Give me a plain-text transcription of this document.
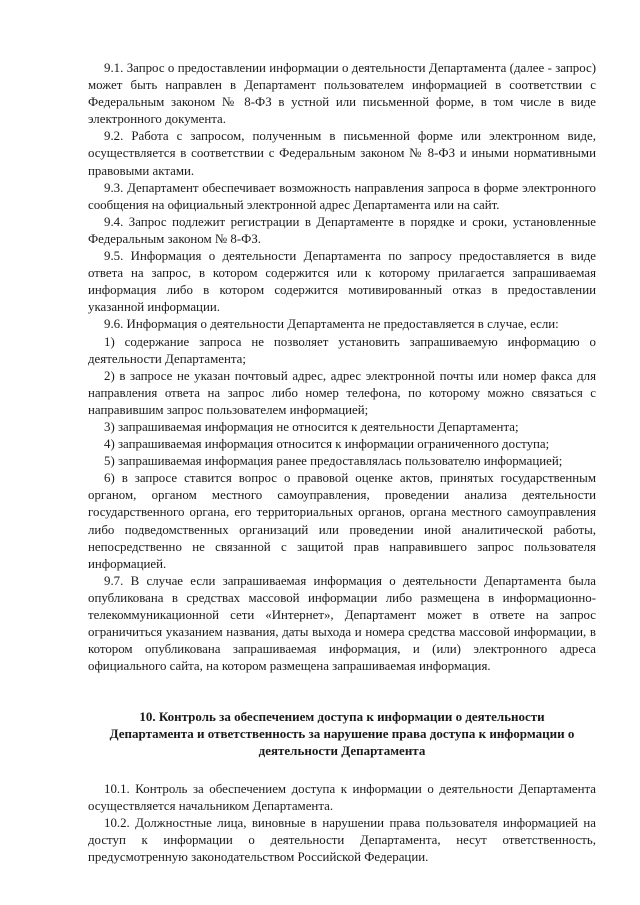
9.1. Запрос о предоставлении информации о деятельности Департамента (далее - запрос) может быть направлен в Департамент пользователем информацией в соответствии с Федеральным законом № 8-ФЗ в устной или письменной форме, в том числе в виде электронного документа.

9.2. Работа с запросом, полученным в письменной форме или электронном виде, осуществляется в соответствии с Федеральным законом № 8-ФЗ и иными нормативными правовыми актами.

9.3. Департамент обеспечивает возможность направления запроса в форме электронного сообщения на официальный электронной адрес Департамента или на сайт.

9.4. Запрос подлежит регистрации в Департаменте в порядке и сроки, установленные Федеральным законом № 8-ФЗ.

9.5. Информация о деятельности Департамента по запросу предоставляется в виде ответа на запрос, в котором содержится или к которому прилагается запрашиваемая информация либо в котором содержится мотивированный отказ в предоставлении указанной информации.

9.6. Информация о деятельности Департамента не предоставляется в случае, если:

1) содержание запроса не позволяет установить запрашиваемую информацию о деятельности Департамента;

2) в запросе не указан почтовый адрес, адрес электронной почты или номер факса для направления ответа на запрос либо номер телефона, по которому можно связаться с направившим запрос пользователем информацией;

3) запрашиваемая информация не относится к деятельности Департамента;

4) запрашиваемая информация относится к информации ограниченного доступа;

5) запрашиваемая информация ранее предоставлялась пользователю информацией;

6) в запросе ставится вопрос о правовой оценке актов, принятых государственным органом, органом местного самоуправления, проведении анализа деятельности государственного органа, его территориальных органов, органа местного самоуправления либо подведомственных организаций или проведении иной аналитической работы, непосредственно не связанной с защитой прав направившего запрос пользователя информацией.

9.7. В случае если запрашиваемая информация о деятельности Департамента была опубликована в средствах массовой информации либо размещена в информационно-телекоммуникационной сети «Интернет», Департамент может в ответе на запрос ограничиться указанием названия, даты выхода и номера средства массовой информации, в котором опубликована запрашиваемая информация, и (или) электронного адреса официального сайта, на котором размещена запрашиваемая информация.

10. Контроль за обеспечением доступа к информации о деятельности Департамента и ответственность за нарушение права доступа к информации о деятельности Департамента

10.1. Контроль за обеспечением доступа к информации о деятельности Департамента осуществляется начальником Департамента.

10.2. Должностные лица, виновные в нарушении права пользователя информацией на доступ к информации о деятельности Департамента, несут ответственность, предусмотренную законодательством Российской Федерации.
